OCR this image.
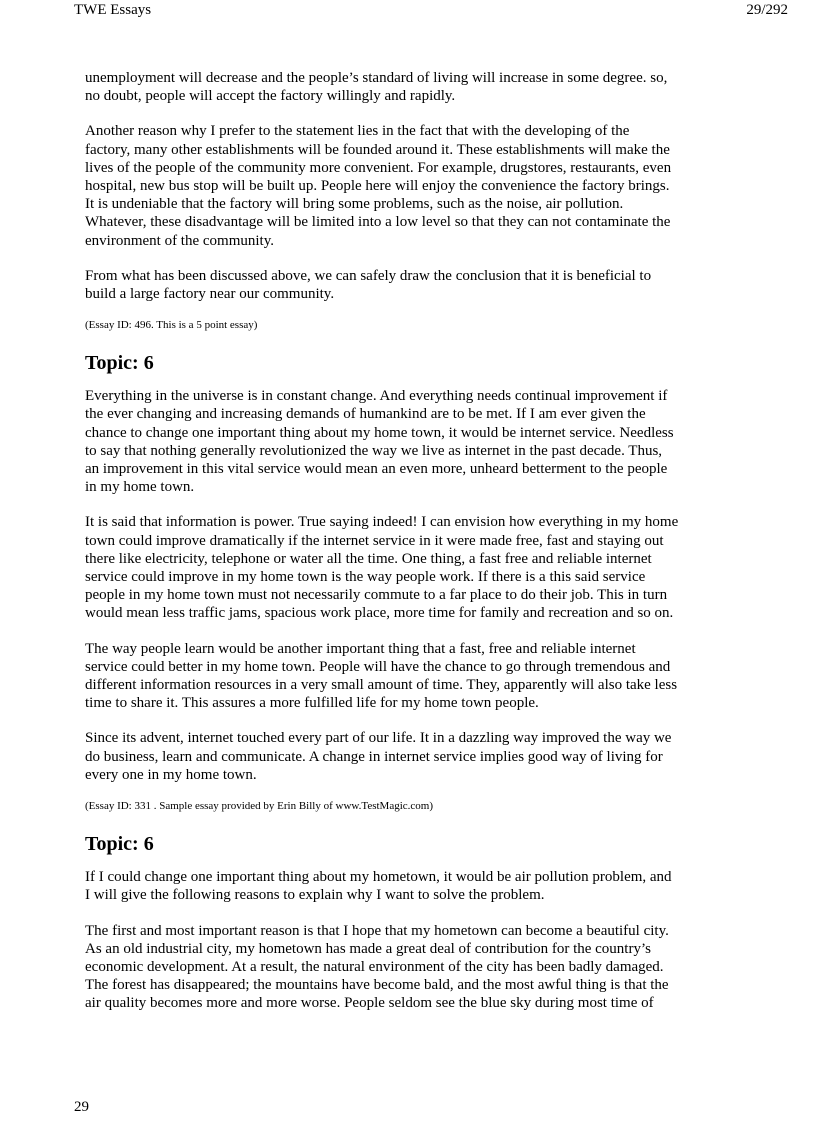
TWE Essays	29/292

unemployment will decrease and the people’s standard of living will increase in some degree. so,
no doubt, people will accept the factory willingly and rapidly.

Another reason why I prefer to the statement lies in the fact that with the developing of the
factory, many other establishments will be founded around it. These establishments will make the
lives of the people of the community more convenient. For example, drugstores, restaurants, even
hospital, new bus stop will be built up. People here will enjoy the convenience the factory brings.
It is undeniable that the factory will bring some problems, such as the noise, air pollution.
Whatever, these disadvantage will be limited into a low level so that they can not contaminate the
environment of the community.

From what has been discussed above, we can safely draw the conclusion that it is beneficial to
build a large factory near our community.

(Essay ID: 496. This is a 5 point essay)

Topic: 6

Everything in the universe is in constant change. And everything needs continual improvement if
the ever changing and increasing demands of humankind are to be met. If I am ever given the
chance to change one important thing about my home town, it would be internet service. Needless
to say that nothing generally revolutionized the way we live as internet in the past decade. Thus,
an improvement in this vital service would mean an even more, unheard betterment to the people
in my home town.

It is said that information is power. True saying indeed! I can envision how everything in my home
town could improve dramatically if the internet service in it were made free, fast and staying out
there like electricity, telephone or water all the time. One thing, a fast free and reliable internet
service could improve in my home town is the way people work. If there is a this said service
people in my home town must not necessarily commute to a far place to do their job. This in turn
would mean less traffic jams, spacious work place, more time for family and recreation and so on.

The way people learn would be another important thing that a fast, free and reliable internet
service could better in my home town. People will have the chance to go through tremendous and
different information resources in a very small amount of time. They, apparently will also take less
time to share it. This assures a more fulfilled life for my home town people.

Since its advent, internet touched every part of our life. It in a dazzling way improved the way we
do business, learn and communicate. A change in internet service implies good way of living for
every one in my home town.

(Essay ID: 331 . Sample essay provided by Erin Billy of www.TestMagic.com)

Topic: 6

If I could change one important thing about my hometown, it would be air pollution problem, and
I will give the following reasons to explain why I want to solve the problem.

The first and most important reason is that I hope that my hometown can become a beautiful city.
As an old industrial city, my hometown has made a great deal of contribution for the country’s
economic development. At a result, the natural environment of the city has been badly damaged.
The forest has disappeared; the mountains have become bald, and the most awful thing is that the
air quality becomes more and more worse. People seldom see the blue sky during most time of

29
